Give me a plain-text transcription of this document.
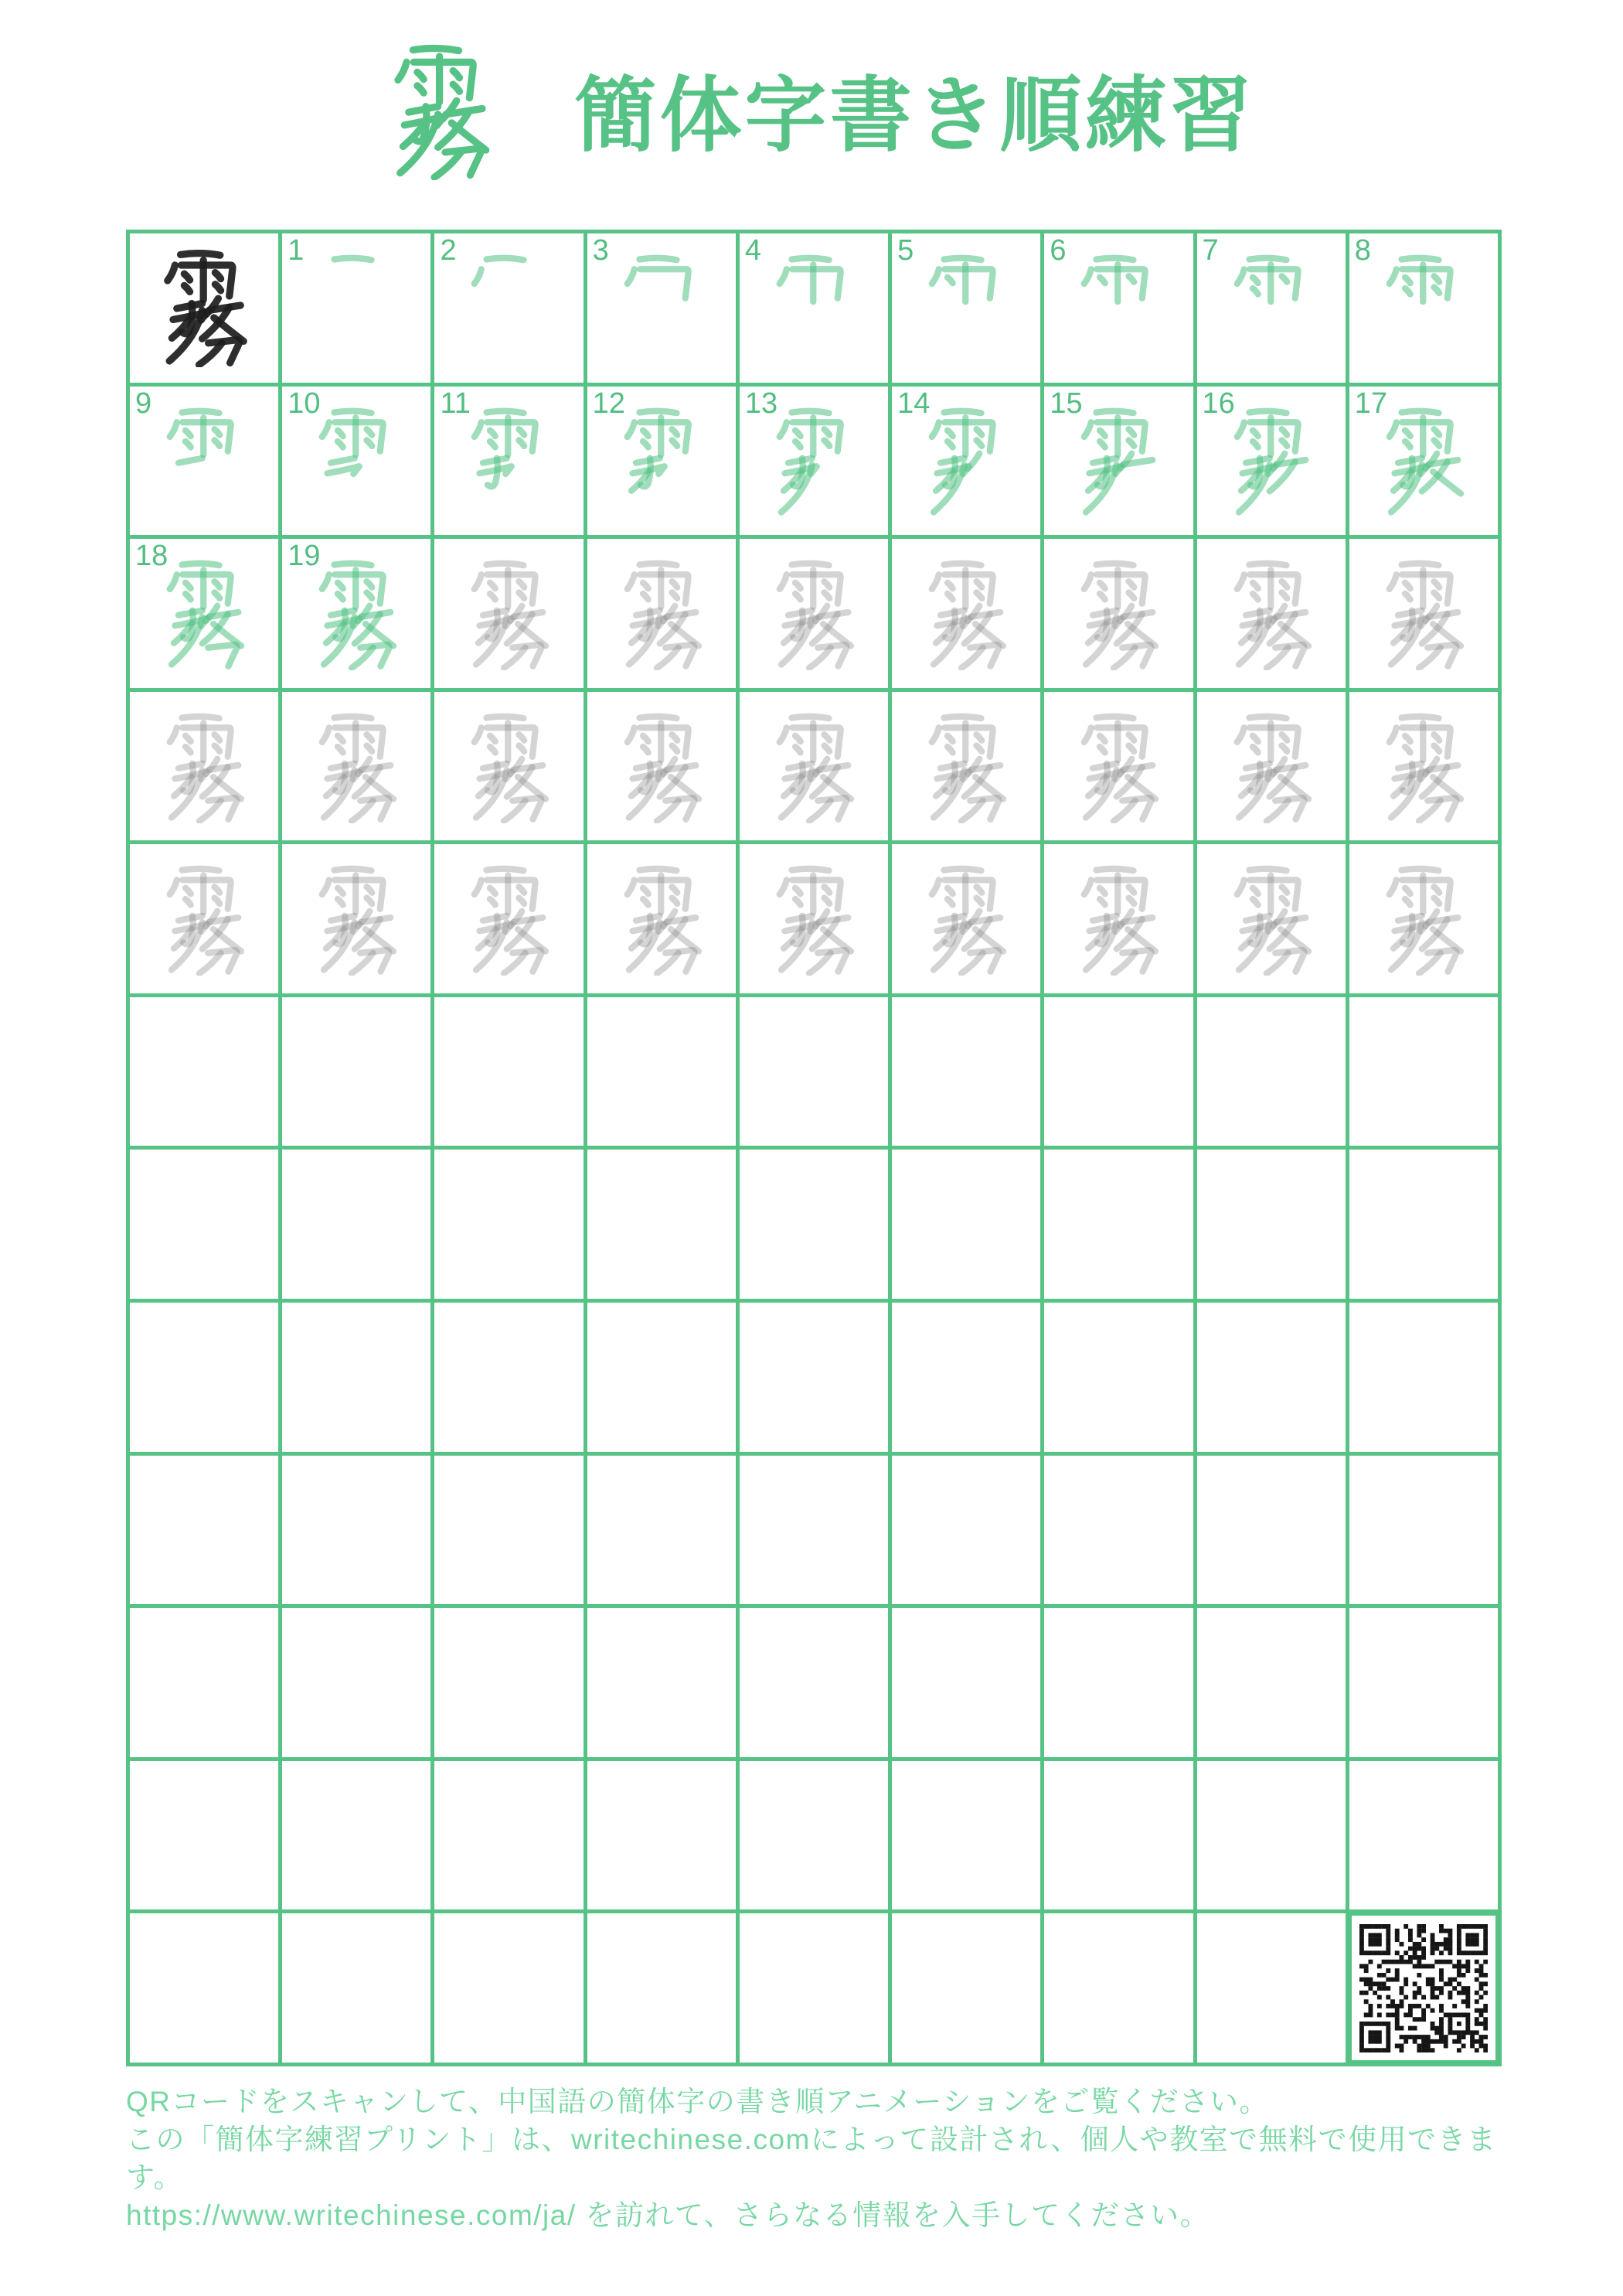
簡体字書き順練習
1	2	3	4	5	6	7	8
9	10	11	12	13	14	15	16	17
18	19
QRコードをスキャンして、中国語の簡体字の書き順アニメーションをご覧ください。
この「簡体字練習プリント」は、writechinese.comによって設計され、個人や教室で無料で使用できます。
https://www.writechinese.com/ja/ を訪れて、さらなる情報を入手してください。
